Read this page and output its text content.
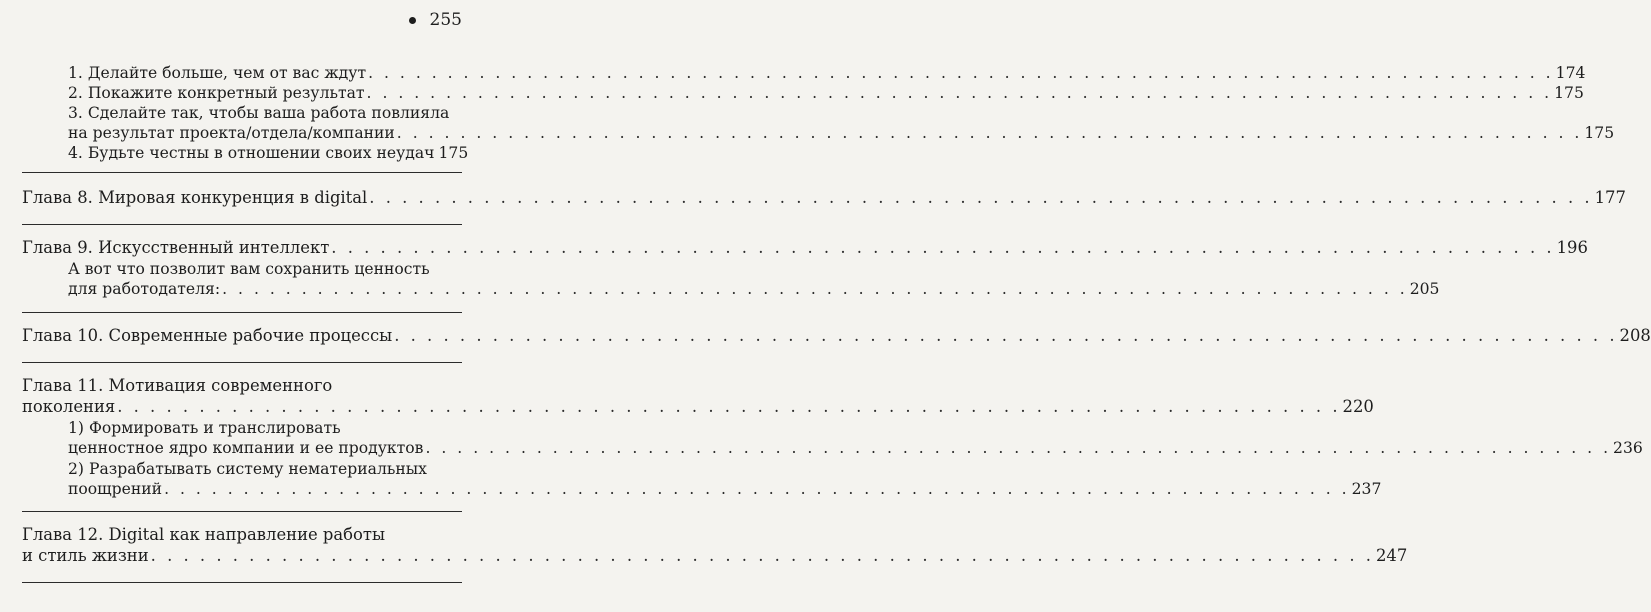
255
1. Делайте больше, чем от вас ждут . . .	174
2. Покажите конкретный результат . . .	175
3. Сделайте так, чтобы ваша работа повлияла
на результат проекта/отдела/компании . . .	175
4. Будьте честны в отношении своих неудач 175
Глава 8. Мировая конкуренция в digital . . .	177
Глава 9. Искусственный интеллект . . .	196
А вот что позволит вам сохранить ценность
для работодателя: . . .	205
Глава 10. Современные рабочие процессы . . .	208
Глава 11. Мотивация современного
поколения . . .	220
1) Формировать и транслировать
ценностное ядро компании и ее продуктов . . .	236
2) Разрабатывать систему нематериальных
поощрений . . .	237
Глава 12. Digital как направление работы
и стиль жизни . . .	247
